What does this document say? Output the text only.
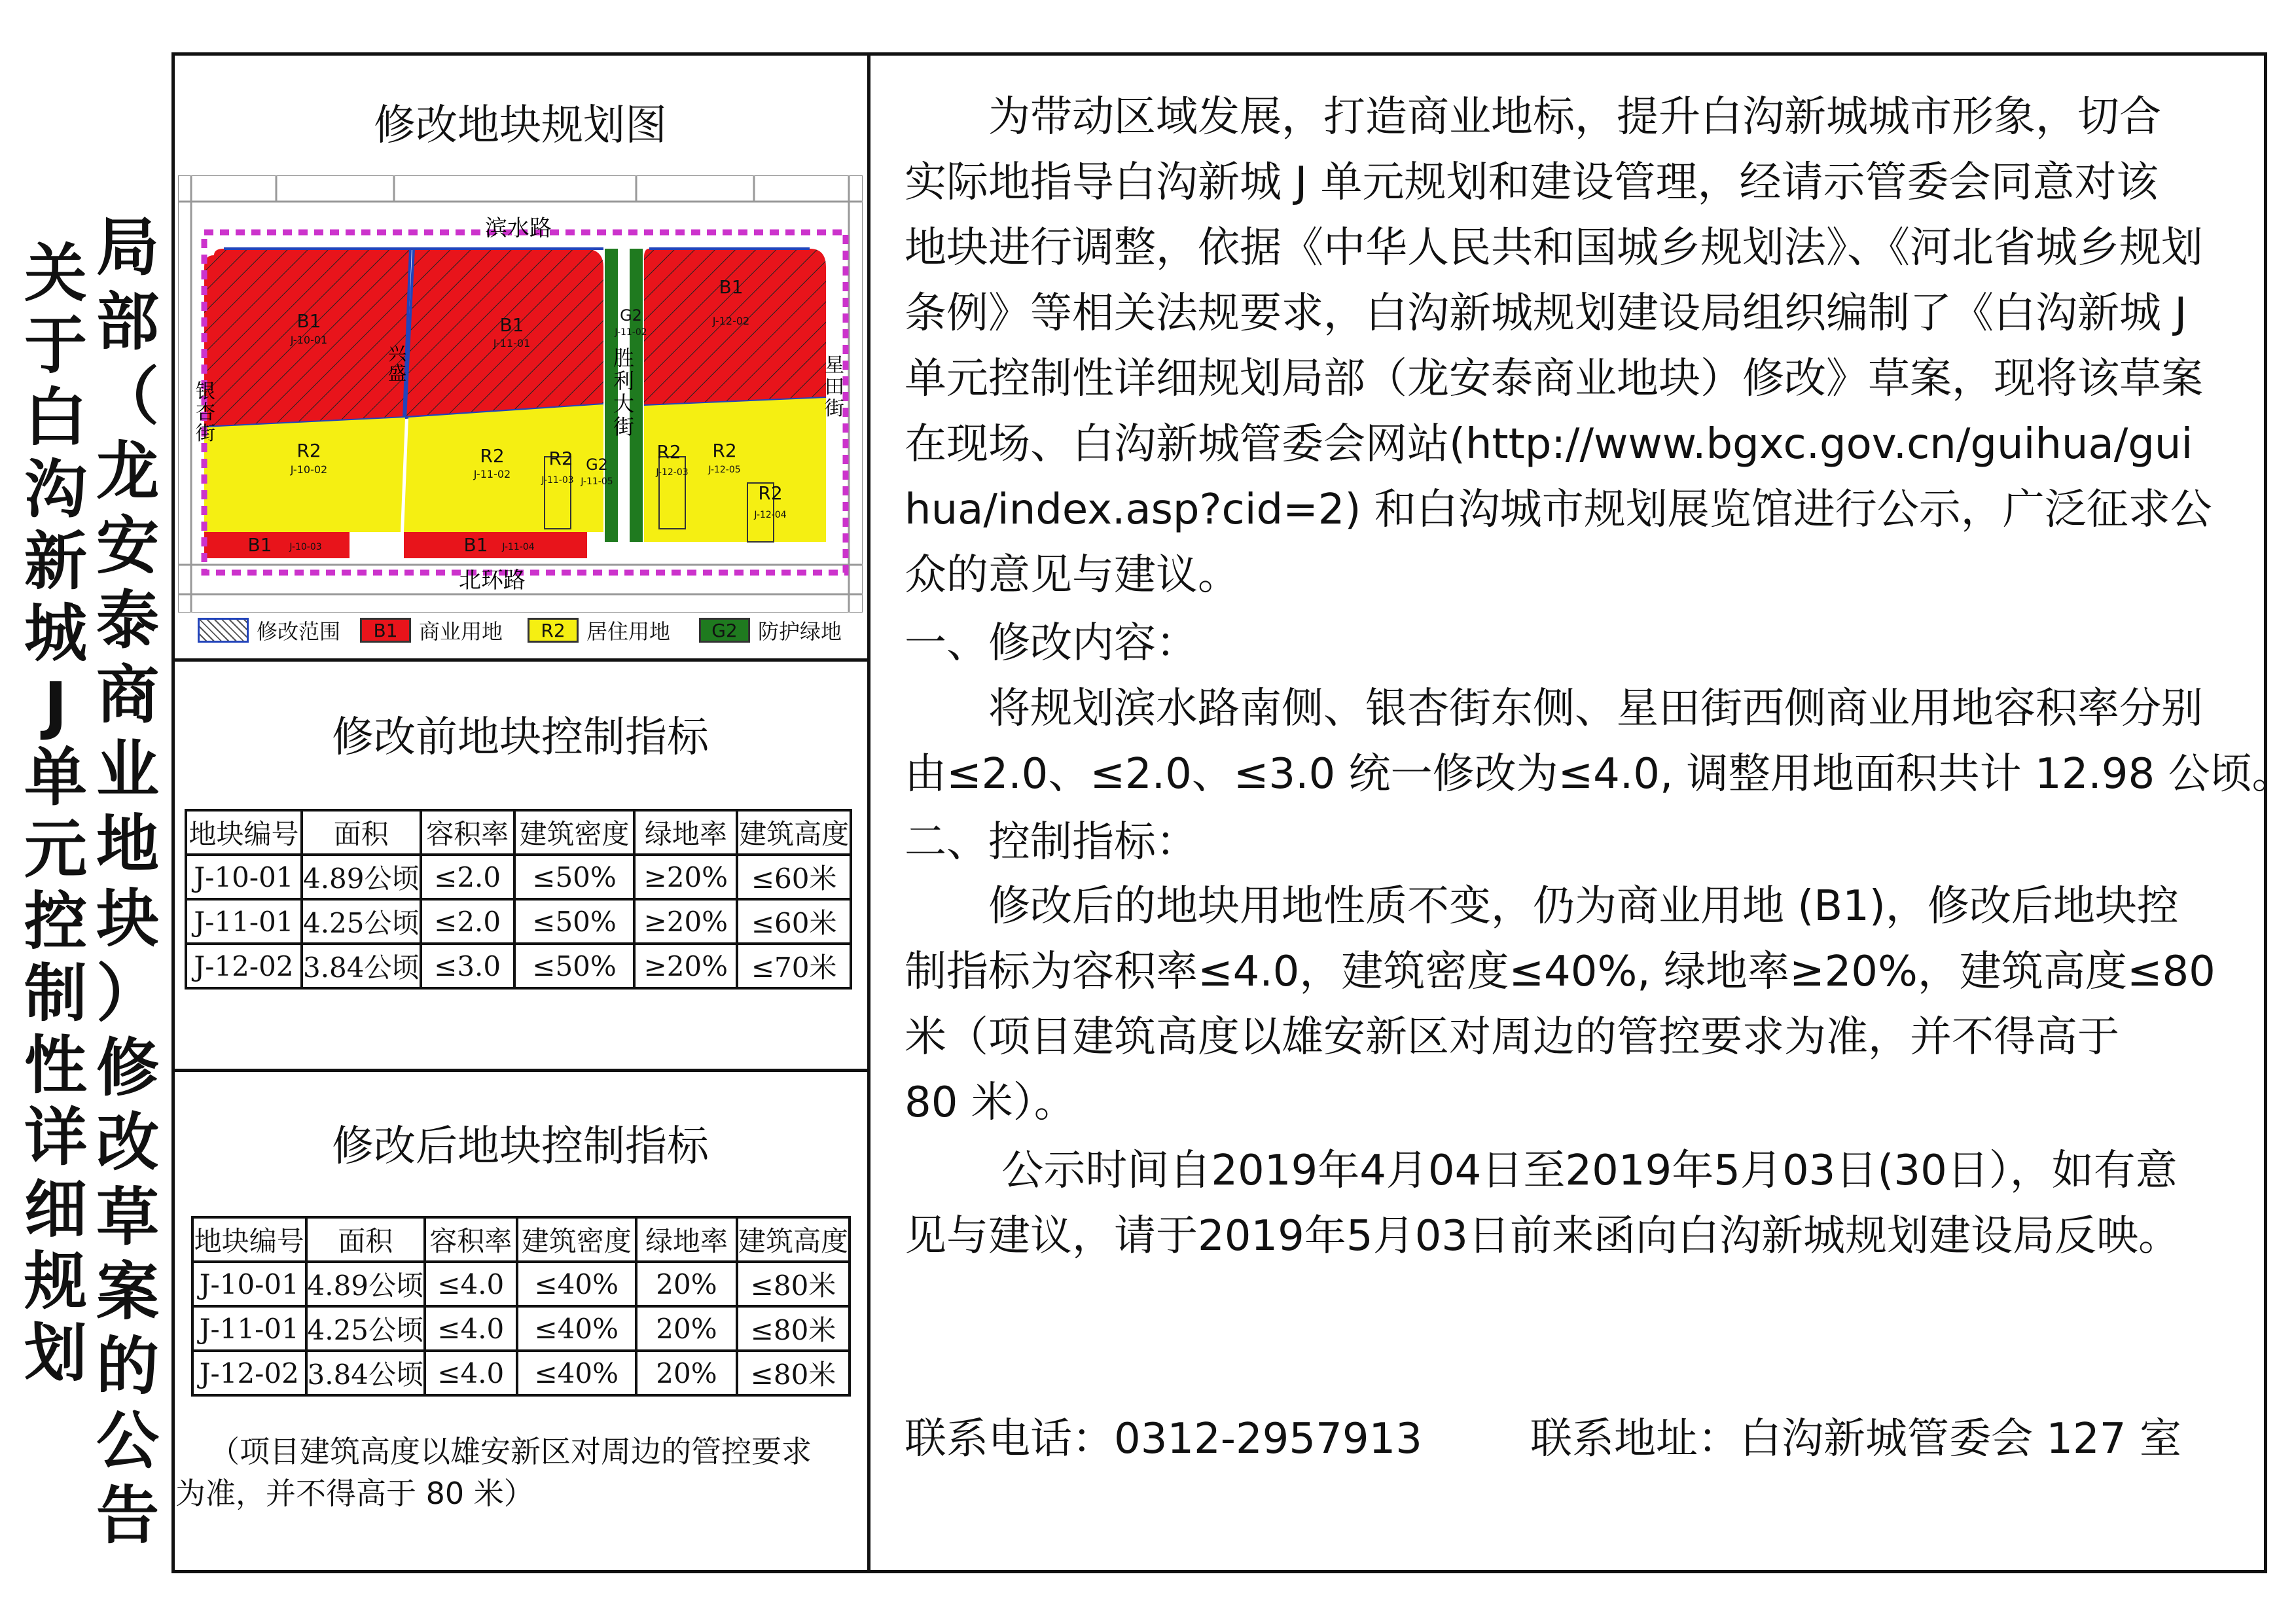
关
于
白
沟
新
城
J
单
元
控
制
性
详
细
规
划
局
部
（
龙
安
泰
商
业
地
块
）
修
改
草
案
的
公
告
修改地块规划图
滨水路
北环路
银
杏
街
胜
利
大
街
星
田
街
兴
盛
B1
J-10-01
B1
J-11-01
B1
J-12-02
G2
J-11-02
R2
J-10-02
R2
J-11-02
R2
J-11-03
G2
J-11-05
R2
J-12-03
R2
J-12-05
R2
J-12-04
B1 J-10-03	B1 J-11-04
修改范围	B1	商业用地	R2	居住用地	G2 防护绿地
修改前地块控制指标
地块编号	面积	容积率	建筑密度	绿地率	建筑高度
J-10-01	4.89公顷	≤2.0	≤50%	≥20%	≤60米
J-11-01	4.25公顷	≤2.0	≤50%	≥20%	≤60米
J-12-02	3.84公顷	≤3.0	≤50%	≥20%	≤70米
修改后地块控制指标
地块编号	面积	容积率	建筑密度	绿地率	建筑高度
J-10-01	4.89公顷	≤4.0	≤40%	20%	≤80米
J-11-01	4.25公顷	≤4.0	≤40%	20%	≤80米
J-12-02	3.84公顷	≤4.0	≤40%	20%	≤80米
（项目建筑高度以雄安新区对周边的管控要求
为准，并不得高于 80 米）
　　为带动区域发展，打造商业地标，提升白沟新城城市形象，切合
实际地指导白沟新城 J 单元规划和建设管理，经请示管委会同意对该
地块进行调整，依据《中华人民共和国城乡规划法》、《河北省城乡规划
条例》等相关法规要求，白沟新城规划建设局组织编制了《白沟新城 J
单元控制性详细规划局部（龙安泰商业地块）修改》草案，现将该草案
在现场、白沟新城管委会网站(http://www.bgxc.gov.cn/guihua/gui
hua/index.asp?cid=2) 和白沟城市规划展览馆进行公示，广泛征求公
众的意见与建议。
一、修改内容：
　　将规划滨水路南侧、银杏街东侧、星田街西侧商业用地容积率分别
由≤2.0、≤2.0、≤3.0 统一修改为≤4.0, 调整用地面积共计 12.98 公顷。
二、控制指标：
　　修改后的地块用地性质不变，仍为商业用地 (B1)，修改后地块控
制指标为容积率≤4.0，建筑密度≤40%, 绿地率≥20%，建筑高度≤80
米（项目建筑高度以雄安新区对周边的管控要求为准，并不得高于
80 米）。
　　 公示时间自2019年4月04日至2019年5月03日(30日），如有意
见与建议，请于2019年5月03日前来函向白沟新城规划建设局反映。
联系电话：0312-2957913	联系地址：白沟新城管委会 127 室
